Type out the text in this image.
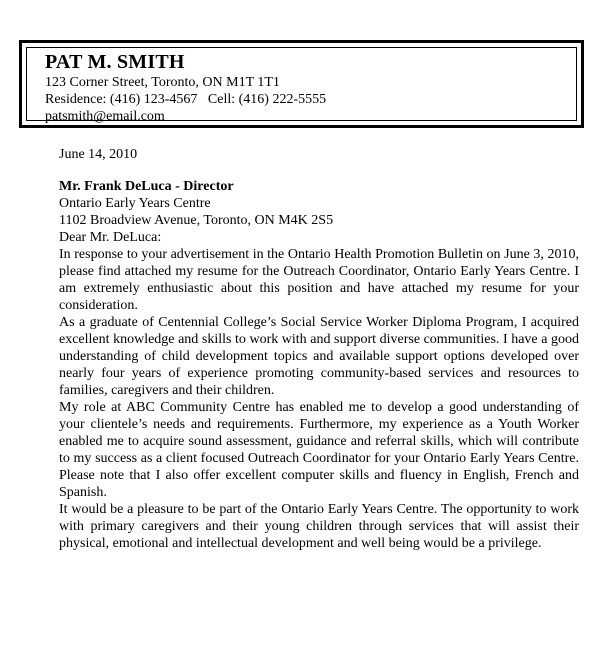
PAT M. SMITH
123 Corner Street, Toronto, ON M1T 1T1
Residence: (416) 123-4567   Cell: (416) 222-5555
patsmith@email.com

June 14, 2010

Mr. Frank DeLuca - Director

Ontario Early Years Centre

1102 Broadview Avenue, Toronto, ON M4K 2S5

Dear Mr. DeLuca:

In response to your advertisement in the Ontario Health Promotion Bulletin on June 3, 2010, please find attached my resume for the Outreach Coordinator, Ontario Early Years Centre. I am extremely enthusiastic about this position and have attached my resume for your consideration.

As a graduate of Centennial College’s Social Service Worker Diploma Program, I acquired excellent knowledge and skills to work with and support diverse communities. I have a good understanding of child development topics and available support options developed over nearly four years of experience promoting community-based services and resources to families, caregivers and their children.

My role at ABC Community Centre has enabled me to develop a good understanding of your clientele’s needs and requirements. Furthermore, my experience as a Youth Worker enabled me to acquire sound assessment, guidance and referral skills, which will contribute to my success as a client focused Outreach Coordinator for your Ontario Early Years Centre. Please note that I also offer excellent computer skills and fluency in English, French and Spanish.

It would be a pleasure to be part of the Ontario Early Years Centre. The opportunity to work with primary caregivers and their young children through services that will assist their physical, emotional and intellectual development and well being would be a privilege.
